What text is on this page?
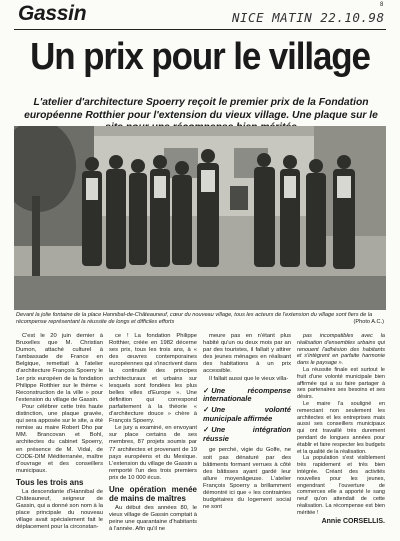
Gassin	NICE MATIN 22.10.98
8
Un prix pour le village
L'atelier d'architecture Spoerry reçoit le premier prix de la Fondation européenne Rotthier pour l'extension du vieux village. Une plaque sur le
Devant la jolie fontaine de la place Hannibal-de-Châteauneuf, cœur du nouveau village, tous les acteurs de l'extension du village sont fiers de la récompense représentant la réussite de longs et difficiles efforts	(Photo A.C.)

C'est le 20 juin dernier à Bruxelles que M. Christian Dumon, attaché culturel à l'ambassade de France en Belgique, remettait à l'atelier d'architecture François Spoerry le 1er prix européen de la fondation Philippe Rotthier sur le thème « Reconstruction de la ville » pour l'extension du village de Gassin.

Pour célébrer cette très haute distinction, une plaque gravée, qui sera apposée sur le site, a été remise au maire Robert Dho par MM. Brancovan et Bohl, architectes du cabinet Spoerry, en présence de M. Vidal, de CODE-DIM Méditerranée, maître d'ouvrage et des conseillers municipaux.

Tous les trois ans

La descendante d'Hannibal de Châteauneuf, seigneur de Gassin, qui a donné son nom à la place principale du nouveau village avait spécialement fait le déplacement pour la circonstan-

ce ! La fondation Philippe Rotthier, créée en 1982 décerne ses prix, tous les trois ans, à « des œuvres contemporaines européennes qui s'inscrivent dans la continuité des principes architecturaux et urbains sur lesquels sont fondées les plus belles villes d'Europe ». Une définition qui correspond parfaitement à la théorie « d'architecture douce » chère à François Spoerry.

Le jury a examiné, en envoyant sur place certains de ses membres, 87 projets soumis par 77 architectes et provenant de 19 pays européens et du Mexique. L'extension du village de Gassin a remporté l'un des trois premiers prix de 10 000 écus.

Une opération menée de mains de maîtres

Au début des années 80, le vieux village de Gassin comptait à peine une quarantaine d'habitants à l'année. Afin qu'il ne

meure pas en n'étant plus habité qu'un ou deux mois par an par des touristes, il fallait y attirer des jeunes ménages en réalisant des habitations à un prix accessible.

Il fallait aussi que le vieux villa-

✓ Une récompense internationale
✓ Une volonté municipale affirmée
✓ Une intégration réussie

ge perché, vigie du Golfe, ne soit pas dénaturé par des bâtiments formant verrues à côté des bâtisses ayant gardé leur allure moyenâgeuse. L'atelier François Spoerry a brillamment démontré ici que « les contraintes budgétaires du logement social ne sont

pas incompatibles avec la réalisation d'ensembles urbains qui renouent l'adhésion des habitants et s'intègrent en parfaite harmonie dans le paysage ».

La réussite finale est surtout le fruit d'une volonté municipale bien affirmée qui a su faire partager à ses partenaires ses besoins et ses désirs.

Le maire l'a souligné en remerciant non seulement les architectes et les entreprises mais aussi ses conseillers municipaux qui ont travaillé très durement pendant de longues années pour établir et faire respecter les budgets et la qualité de la réalisation.

La population s'est visiblement très rapidement et très bien intégrée. Créant des activités nouvelles pour les jeunes, engendrant l'ouverture de commerces elle a apporté le sang neuf qu'on attendait de cette réalisation. La récompense est bien méritée !

Annie CORSELLIS.
